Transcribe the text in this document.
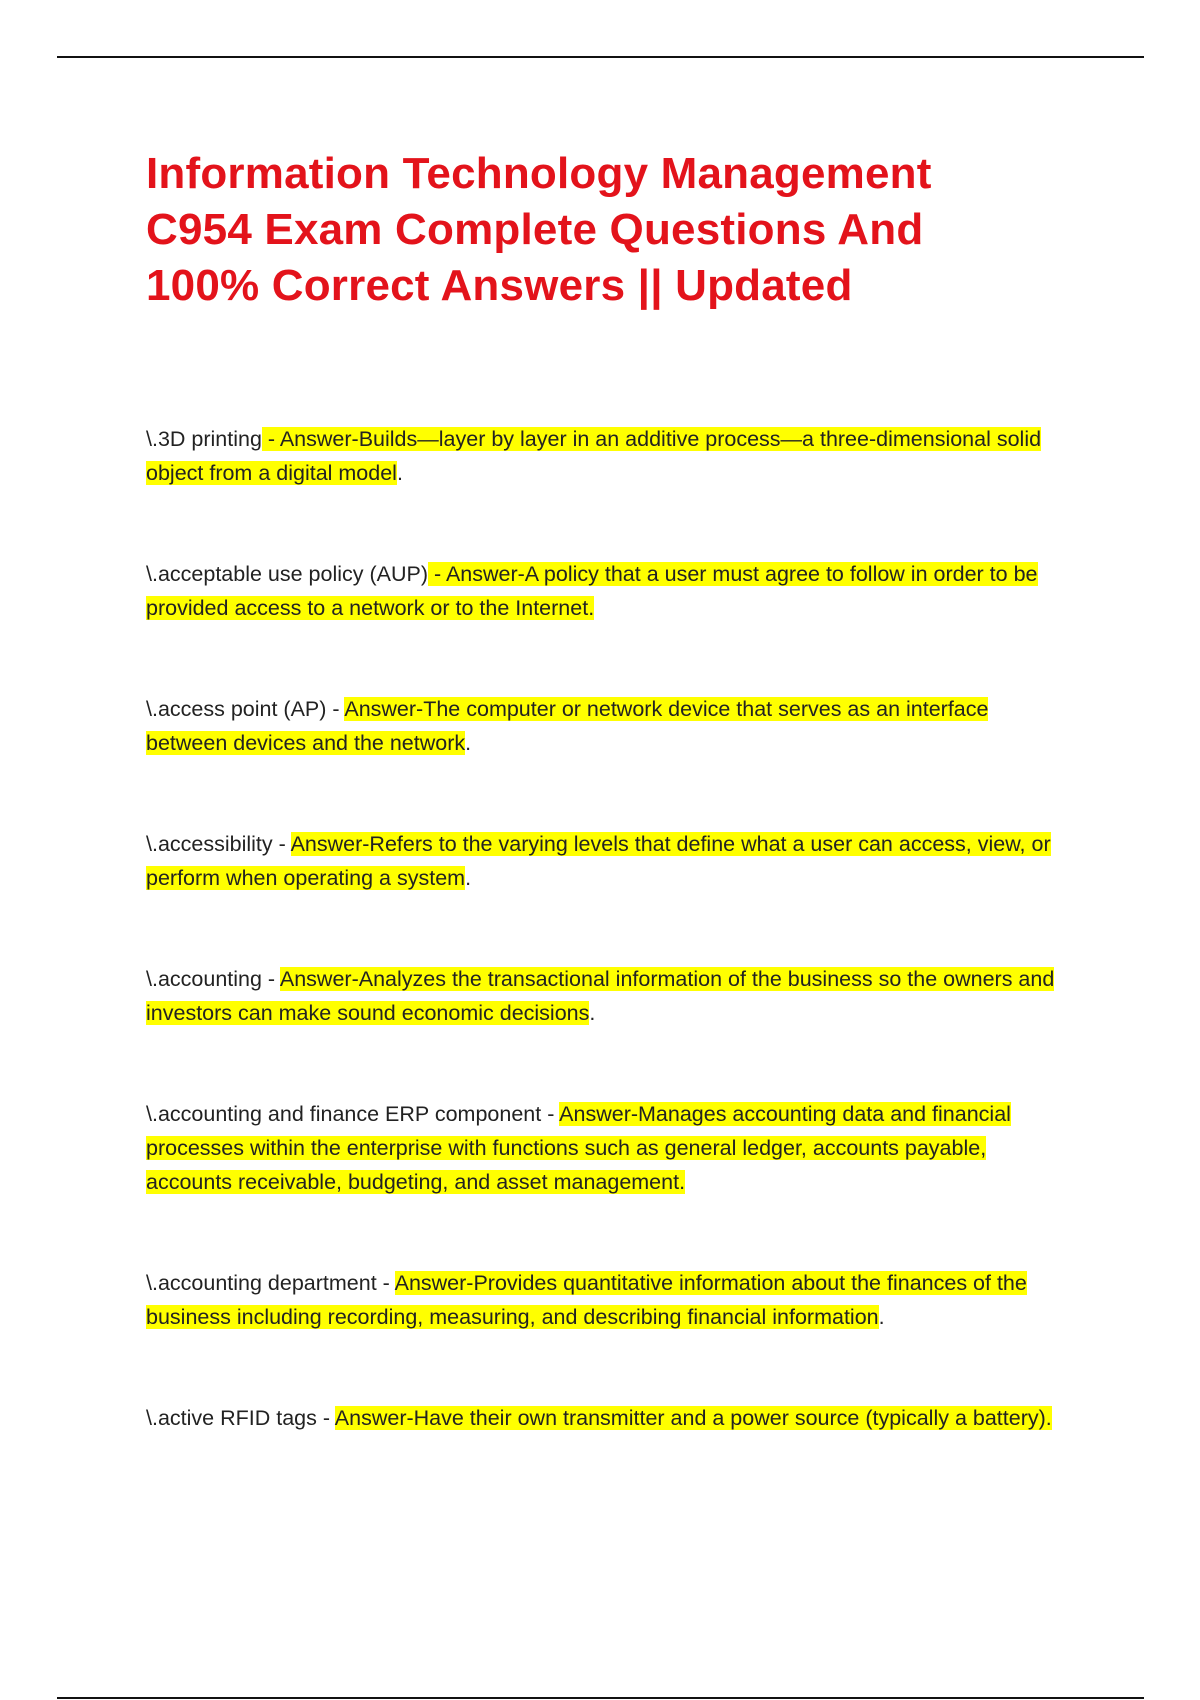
Information Technology Management
C954 Exam Complete Questions And
100% Correct Answers || Updated

\.3D printing - Answer-Builds—layer by layer in an additive process—a three-dimensional solid
object from a digital model.

\.acceptable use policy (AUP) - Answer-A policy that a user must agree to follow in order to be
provided access to a network or to the Internet.

\.access point (AP) - Answer-The computer or network device that serves as an interface
between devices and the network.

\.accessibility - Answer-Refers to the varying levels that define what a user can access, view, or
perform when operating a system.

\.accounting - Answer-Analyzes the transactional information of the business so the owners and
investors can make sound economic decisions.

\.accounting and finance ERP component - Answer-Manages accounting data and financial
processes within the enterprise with functions such as general ledger, accounts payable,
accounts receivable, budgeting, and asset management.

\.accounting department - Answer-Provides quantitative information about the finances of the
business including recording, measuring, and describing financial information.

\.active RFID tags - Answer-Have their own transmitter and a power source (typically a battery).
